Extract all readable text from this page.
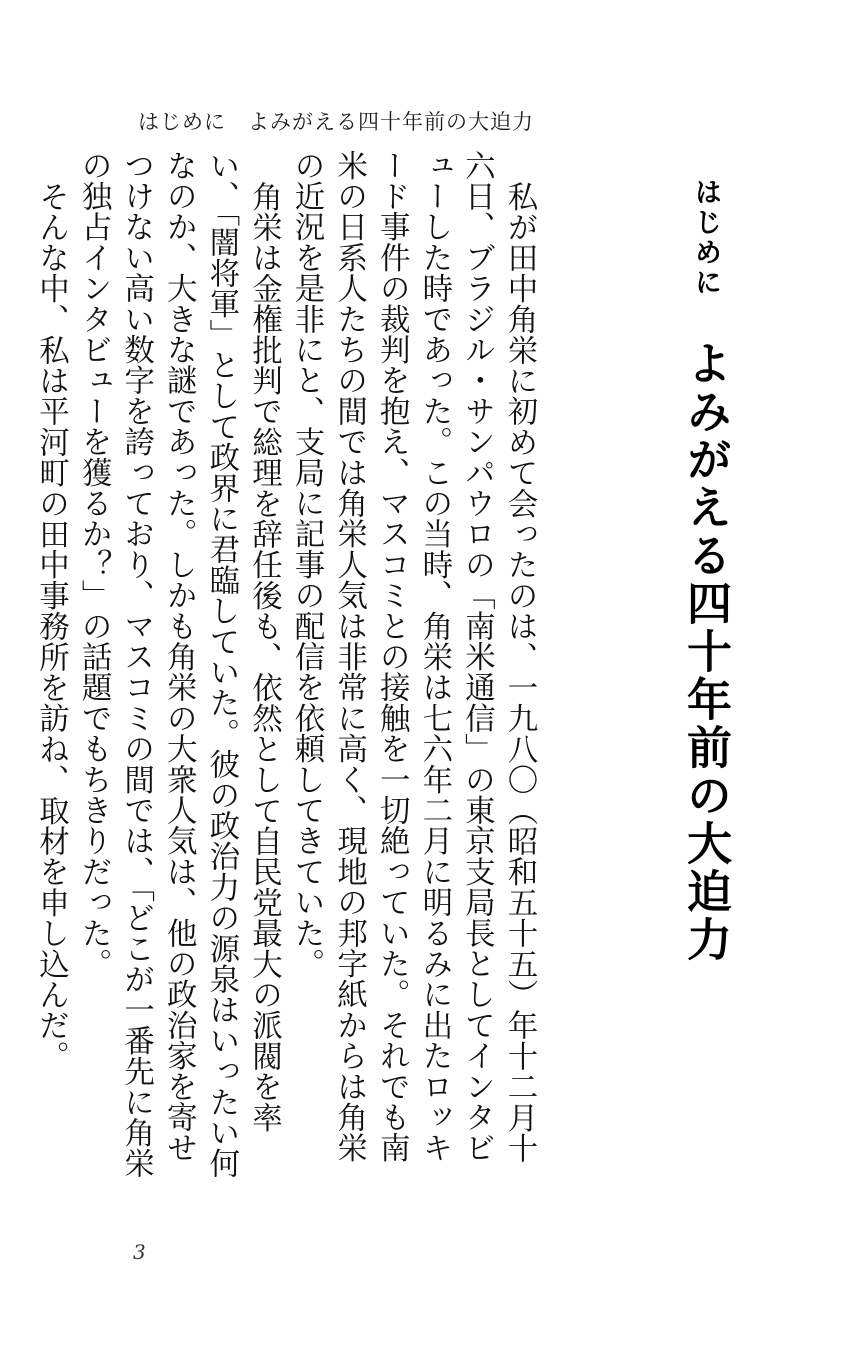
はじめに　よみがえる四十年前の大迫力
はじめによみがえる四十年前の大迫力

私が田中角栄に初めて会ったのは、一九八〇（昭和五十五）年十二月十六日、ブラジル・サンパウロの「南米通信」の東京支局長としてインタビューした時であった。この当時、角栄は七六年二月に明るみに出たロッキード事件の裁判を抱え、マスコミとの接触を一切絶っていた。それでも南米の日系人たちの間では角栄人気は非常に高く、現地の邦字紙からは角栄の近況を是非にと、支局に記事の配信を依頼してきていた。

角栄は金権批判で総理を辞任後も、依然として自民党最大の派閥を率い、「闇将軍」として政界に君臨していた。彼の政治力の源泉はいったい何なのか、大きな謎であった。しかも角栄の大衆人気は、他の政治家を寄せつけない高い数字を誇っており、マスコミの間では、「どこが一番先に角栄の独占インタビューを獲るか？」の話題でもちきりだった。

そんな中、私は平河町の田中事務所を訪ね、取材を申し込んだ。

3
